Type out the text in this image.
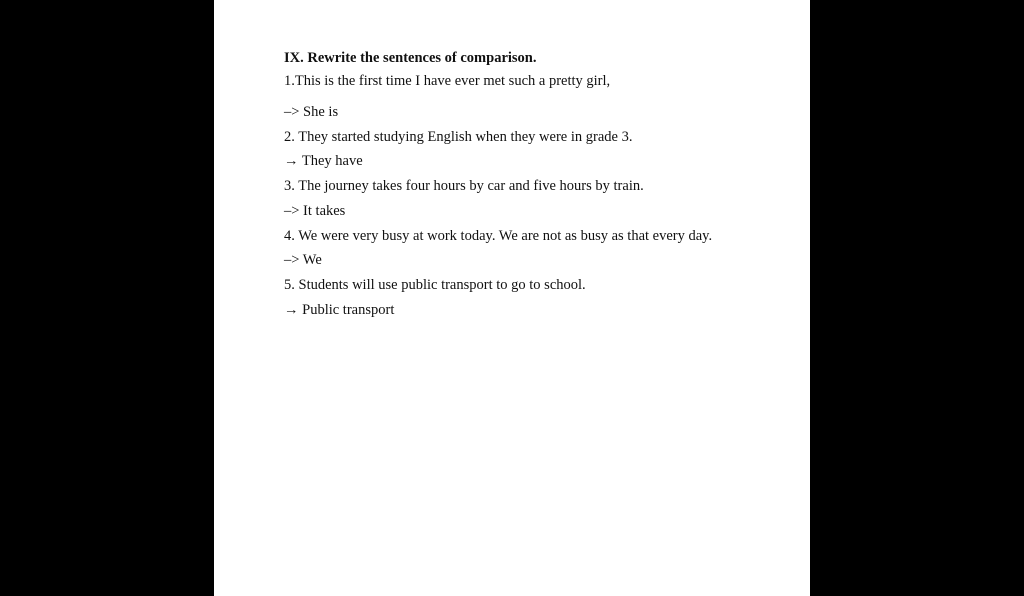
IX. Rewrite the sentences of comparison.
1.This is the first time I have ever met such a pretty girl,
–> She is
2. They started studying English when they were in grade 3.
→ They have
3. The journey takes four hours by car and five hours by train.
–> It takes
4. We were very busy at work today. We are not as busy as that every day.
–> We
5. Students will use public transport to go to school.
→ Public transport
